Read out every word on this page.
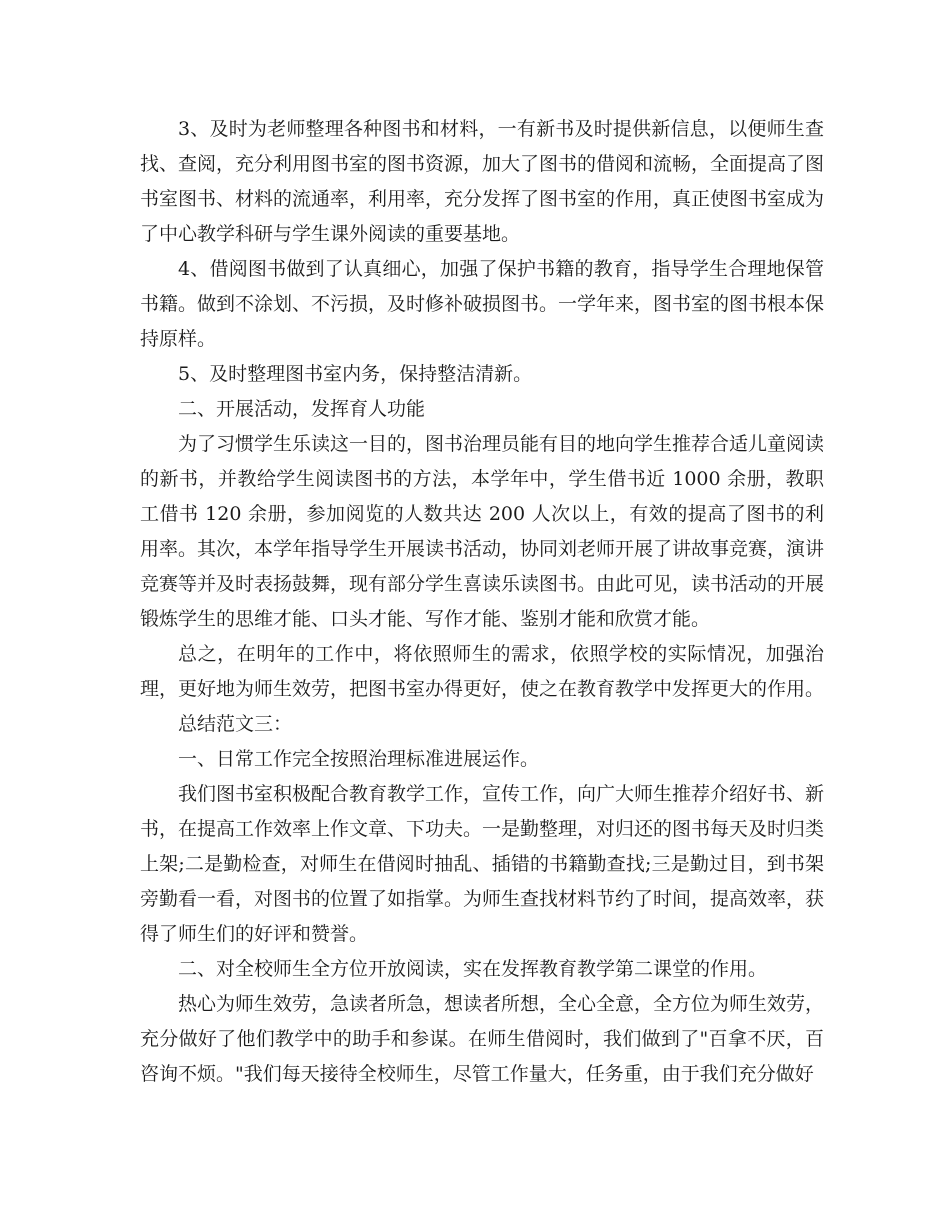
3、及时为老师整理各种图书和材料，一有新书及时提供新信息，以便师生查找、查阅，充分利用图书室的图书资源，加大了图书的借阅和流畅，全面提高了图书室图书、材料的流通率，利用率，充分发挥了图书室的作用，真正使图书室成为了中心教学科研与学生课外阅读的重要基地。

4、借阅图书做到了认真细心，加强了保护书籍的教育，指导学生合理地保管书籍。做到不涂划、不污损，及时修补破损图书。一学年来，图书室的图书根本保持原样。

5、及时整理图书室内务，保持整洁清新。

二、开展活动，发挥育人功能

为了习惯学生乐读这一目的，图书治理员能有目的地向学生推荐合适儿童阅读的新书，并教给学生阅读图书的方法，本学年中，学生借书近 1000 余册，教职工借书 120 余册，参加阅览的人数共达 200 人次以上，有效的提高了图书的利用率。其次，本学年指导学生开展读书活动，协同刘老师开展了讲故事竞赛，演讲竞赛等并及时表扬鼓舞，现有部分学生喜读乐读图书。由此可见，读书活动的开展锻炼学生的思维才能、口头才能、写作才能、鉴别才能和欣赏才能。

总之，在明年的工作中，将依照师生的需求，依照学校的实际情况，加强治理，更好地为师生效劳，把图书室办得更好，使之在教育教学中发挥更大的作用。

总结范文三：

一、日常工作完全按照治理标准进展运作。

我们图书室积极配合教育教学工作，宣传工作，向广大师生推荐介绍好书、新书，在提高工作效率上作文章、下功夫。一是勤整理，对归还的图书每天及时归类上架;二是勤检查，对师生在借阅时抽乱、插错的书籍勤查找;三是勤过目，到书架旁勤看一看，对图书的位置了如指掌。为师生查找材料节约了时间，提高效率，获得了师生们的好评和赞誉。

二、对全校师生全方位开放阅读，实在发挥教育教学第二课堂的作用。

热心为师生效劳，急读者所急，想读者所想，全心全意，全方位为师生效劳，充分做好了他们教学中的助手和参谋。在师生借阅时，我们做到了"百拿不厌，百咨询不烦。"我们每天接待全校师生，尽管工作量大，任务重，由于我们充分做好
